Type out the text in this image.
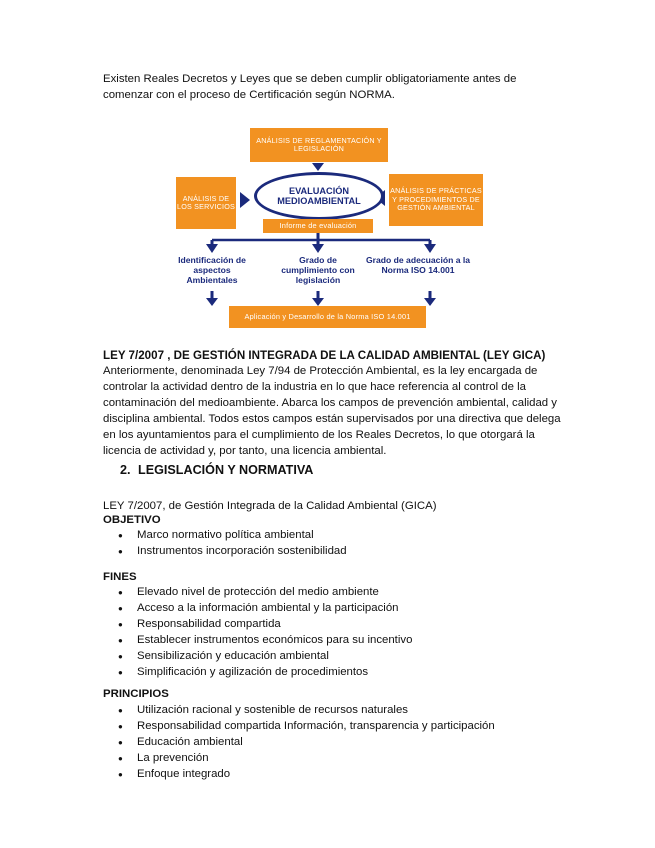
Existen Reales Decretos y Leyes que se deben cumplir obligatoriamente antes de comenzar con el proceso de Certificación según NORMA.
ANÁLISIS DE REGLAMENTACIÓN Y LEGISLACIÓN
ANÁLISIS DE LOS SERVICIOS
ANÁLISIS DE PRÁCTICAS Y PROCEDIMIENTOS DE GESTIÓN AMBIENTAL
EVALUACIÓN MEDIOAMBIENTAL
Informe de evaluación
Identificación de aspectos Ambientales
Grado de cumplimiento con legislación
Grado de adecuación a la Norma ISO 14.001
Aplicación y Desarrollo de la Norma ISO 14.001
LEY 7/2007 , DE GESTIÓN INTEGRADA DE LA CALIDAD AMBIENTAL (LEY GICA)
Anteriormente, denominada Ley 7/94 de Protección Ambiental, es la ley encargada de controlar la actividad dentro de la industria en lo que hace referencia al control de la contaminación del medioambiente. Abarca los campos de prevención ambiental, calidad y disciplina ambiental. Todos estos campos están supervisados por una directiva que delega en los ayuntamientos para el cumplimiento de los Reales Decretos, lo que otorgará la licencia de actividad y, por tanto, una licencia ambiental.
2. LEGISLACIÓN Y NORMATIVA
LEY 7/2007, de Gestión Integrada de la Calidad Ambiental (GICA)
OBJETIVO
● Marco normativo política ambiental
● Instrumentos incorporación sostenibilidad
FINES
● Elevado nivel de protección del medio ambiente
● Acceso a la información ambiental y la participación
● Responsabilidad compartida
● Establecer instrumentos económicos para su incentivo
● Sensibilización y educación ambiental
● Simplificación y agilización de procedimientos
PRINCIPIOS
● Utilización racional y sostenible de recursos naturales
● Responsabilidad compartida Información, transparencia y participación
● Educación ambiental
● La prevención
● Enfoque integrado
